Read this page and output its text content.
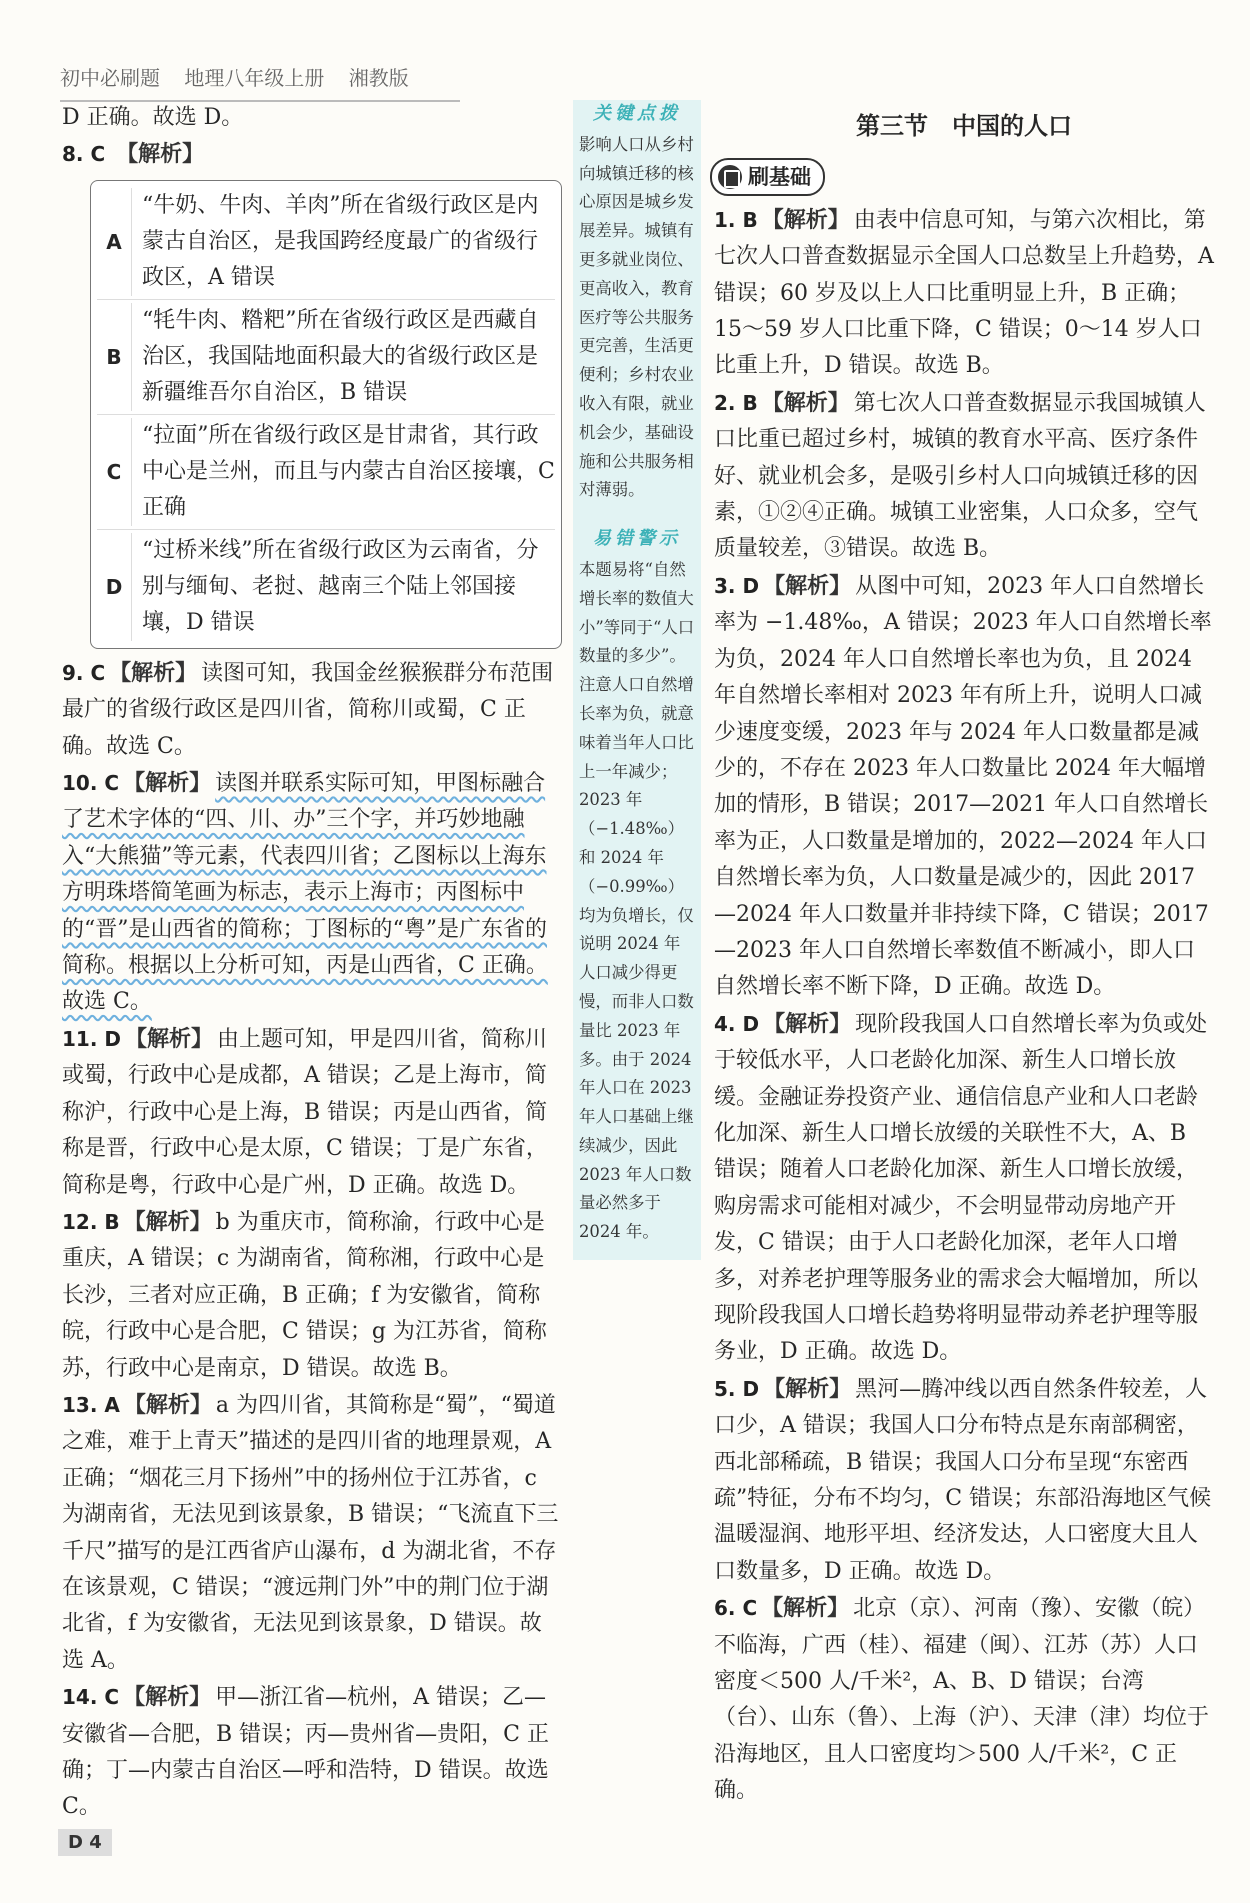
初中必刷题 地理八年级上册 湘教版

D 正确。故选 D。

8. C 【解析】

A
“牛奶、牛肉、羊肉”所在省级行政区是内蒙古自治区，是我国跨经度最广的省级行政区，A 错误
B
“牦牛肉、糌粑”所在省级行政区是西藏自治区，我国陆地面积最大的省级行政区是新疆维吾尔自治区，B 错误
C
“拉面”所在省级行政区是甘肃省，其行政中心是兰州，而且与内蒙古自治区接壤，C 正确
D
“过桥米线”所在省级行政区为云南省，分别与缅甸、老挝、越南三个陆上邻国接壤，D 错误

9. C 【解析】 读图可知，我国金丝猴猴群分布范围最广的省级行政区是四川省，简称川或蜀，C 正确。故选 C。

10. C 【解析】 读图并联系实际可知，甲图标融合了艺术字体的“四、川、办”三个字，并巧妙地融入“大熊猫”等元素，代表四川省；乙图标以上海东方明珠塔简笔画为标志，表示上海市；丙图标中的“晋”是山西省的简称；丁图标的“粤”是广东省的简称。根据以上分析可知，丙是山西省，C 正确。故选 C。

11. D 【解析】 由上题可知，甲是四川省，简称川或蜀，行政中心是成都，A 错误；乙是上海市，简称沪，行政中心是上海，B 错误；丙是山西省，简称是晋，行政中心是太原，C 错误；丁是广东省，简称是粤，行政中心是广州，D 正确。故选 D。

12. B 【解析】 b 为重庆市，简称渝，行政中心是重庆，A 错误；c 为湖南省，简称湘，行政中心是长沙，三者对应正确，B 正确；f 为安徽省，简称皖，行政中心是合肥，C 错误；g 为江苏省，简称苏，行政中心是南京，D 错误。故选 B。

13. A 【解析】 a 为四川省，其简称是“蜀”，“蜀道之难，难于上青天”描述的是四川省的地理景观，A 正确；“烟花三月下扬州”中的扬州位于江苏省，c 为湖南省，无法见到该景象，B 错误；“飞流直下三千尺”描写的是江西省庐山瀑布，d 为湖北省，不存在该景观，C 错误；“渡远荆门外”中的荆门位于湖北省，f 为安徽省，无法见到该景象，D 错误。故选 A。

14. C 【解析】 甲—浙江省—杭州，A 错误；乙—安徽省—合肥，B 错误；丙—贵州省—贵阳，C 正确；丁—内蒙古自治区—呼和浩特，D 错误。故选 C。

关键点拨
影响人口从乡村向城镇迁移的核心原因是城乡发展差异。城镇有更多就业岗位、更高收入，教育医疗等公共服务更完善，生活更便利；乡村农业收入有限，就业机会少，基础设施和公共服务相对薄弱。
易错警示
本题易将“自然增长率的数值大小”等同于“人口数量的多少”。注意人口自然增长率为负，就意味着当年人口比上一年减少；2023 年（−1.48‰）和 2024 年（−0.99‰）均为负增长，仅说明 2024 年人口减少得更慢，而非人口数量比 2023 年多。由于 2024 年人口在 2023 年人口基础上继续减少，因此 2023 年人口数量必然多于 2024 年。
第三节　中国的人口
刷基础

1. B 【解析】 由表中信息可知，与第六次相比，第七次人口普查数据显示全国人口总数呈上升趋势，A 错误；60 岁及以上人口比重明显上升，B 正确；15～59 岁人口比重下降，C 错误；0～14 岁人口比重上升，D 错误。故选 B。

2. B 【解析】 第七次人口普查数据显示我国城镇人口比重已超过乡村，城镇的教育水平高、医疗条件好、就业机会多，是吸引乡村人口向城镇迁移的因素，①②④正确。城镇工业密集，人口众多，空气质量较差，③错误。故选 B。

3. D 【解析】 从图中可知，2023 年人口自然增长率为 −1.48‰，A 错误；2023 年人口自然增长率为负，2024 年人口自然增长率也为负，且 2024 年自然增长率相对 2023 年有所上升，说明人口减少速度变缓，2023 年与 2024 年人口数量都是减少的，不存在 2023 年人口数量比 2024 年大幅增加的情形，B 错误；2017—2021 年人口自然增长率为正，人口数量是增加的，2022—2024 年人口自然增长率为负，人口数量是减少的，因此 2017—2024 年人口数量并非持续下降，C 错误；2017—2023 年人口自然增长率数值不断减小，即人口自然增长率不断下降，D 正确。故选 D。

4. D 【解析】 现阶段我国人口自然增长率为负或处于较低水平，人口老龄化加深、新生人口增长放缓。金融证券投资产业、通信信息产业和人口老龄化加深、新生人口增长放缓的关联性不大，A、B 错误；随着人口老龄化加深、新生人口增长放缓，购房需求可能相对减少，不会明显带动房地产开发，C 错误；由于人口老龄化加深，老年人口增多，对养老护理等服务业的需求会大幅增加，所以现阶段我国人口增长趋势将明显带动养老护理等服务业，D 正确。故选 D。

5. D 【解析】 黑河—腾冲线以西自然条件较差，人口少，A 错误；我国人口分布特点是东南部稠密，西北部稀疏，B 错误；我国人口分布呈现“东密西疏”特征，分布不均匀，C 错误；东部沿海地区气候温暖湿润、地形平坦、经济发达，人口密度大且人口数量多，D 正确。故选 D。

6. C 【解析】 北京（京）、河南（豫）、安徽（皖）不临海，广西（桂）、福建（闽）、江苏（苏）人口密度＜500 人/千米²，A、B、D 错误；台湾（台）、山东（鲁）、上海（沪）、天津（津）均位于沿海地区，且人口密度均＞500 人/千米²，C 正确。

D 4
